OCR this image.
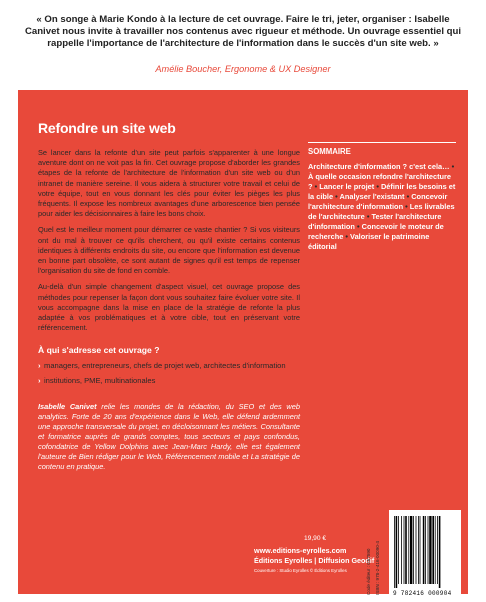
« On songe à Marie Kondo à la lecture de cet ouvrage. Faire le tri, jeter, organiser : Isabelle Canivet nous invite à travailler nos contenus avec rigueur et méthode. Un ouvrage essentiel qui rappelle l'importance de l'architecture de l'information dans le succès d'un site web. »
Amélie Boucher, Ergonome & UX Designer
Refondre un site web

Se lancer dans la refonte d'un site peut parfois s'apparenter à une longue aventure dont on ne voit pas la fin. Cet ouvrage propose d'aborder les grandes étapes de la refonte de l'architecture de l'information d'un site web ou d'un intranet de manière sereine. Il vous aidera à structurer votre travail et celui de votre équipe, tout en vous donnant les clés pour éviter les pièges les plus fréquents. Il expose les nombreux avantages d'une arborescence bien pensée pour aider les décisionnaires à faire les bons choix.

Quel est le meilleur moment pour démarrer ce vaste chantier ? Si vos visiteurs ont du mal à trouver ce qu'ils cherchent, ou qu'il existe certains contenus identiques à différents endroits du site, ou encore que l'information est devenue en bonne part obsolète, ce sont autant de signes qu'il est temps de repenser l'organisation du site de fond en comble.

Au-delà d'un simple changement d'aspect visuel, cet ouvrage propose des méthodes pour repenser la façon dont vous souhaitez faire évoluer votre site. Il vous accompagne dans la mise en place de la stratégie de refonte la plus adaptée à vos problématiques et à votre cible, tout en préservant votre référencement.

À qui s'adresse cet ouvrage ?
› managers, entrepreneurs, chefs de projet web, architectes d'information
› institutions, PME, multinationales
Isabelle Canivet relie les mondes de la rédaction, du SEO et des web analytics. Forte de 20 ans d'expérience dans le Web, elle défend ardemment une approche transversale du projet, en décloisonnant les métiers. Consultante et formatrice auprès de grands comptes, tous secteurs et pays confondus, cofondatrice de Yellow Dolphins avec Jean-Marc Hardy, elle est également l'auteure de Bien rédiger pour le Web, Référencement mobile et La stratégie de contenu en pratique.
SOMMAIRE
Architecture d'information ? c'est cela… • À quelle occasion refondre l'architecture ? • Lancer le projet • Définir les besoins et la cible • Analyser l'existant • Concevoir l'architecture d'information • Les livrables de l'architecture • Tester l'architecture d'information • Concevoir le moteur de recherche • Valoriser le patrimoine éditorial
19,90 €
www.editions-eyrolles.com
Éditions Eyrolles | Diffusion Geodif
Couverture : Studio Eyrolles © Éditions Eyrolles	Code éditeur : G67590 ISBN : 978-2-416-00090-4 9 782416 000904
